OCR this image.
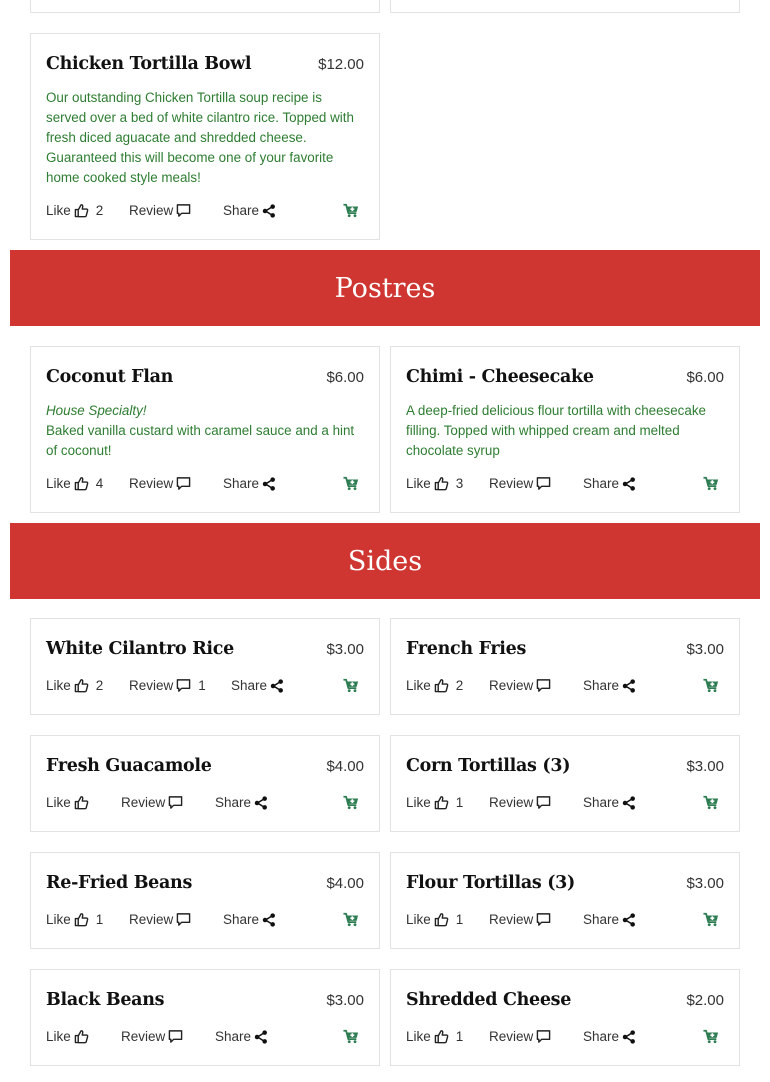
Chicken Tortilla Bowl	$12.00
Our outstanding Chicken Tortilla soup recipe is served over a bed of white cilantro rice. Topped with fresh diced aguacate and shredded cheese. Guaranteed this will become one of your favorite home cooked style meals!
Like 2 Review	Share
Postres
Coconut Flan	$6.00
House Specialty!
Baked vanilla custard with caramel sauce and a hint of coconut!
Like 4 Review	Share
Chimi - Cheesecake	$6.00
A deep-fried delicious flour tortilla with cheesecake filling. Topped with whipped cream and melted chocolate syrup
Like 3 Review	Share
Sides
White Cilantro Rice	$3.00
Like 2 Review 1 Share
French Fries	$3.00
Like 2 Review	Share
Fresh Guacamole	$4.00
Like	Review	Share
Corn Tortillas (3)	$3.00
Like 1 Review	Share
Re-Fried Beans	$4.00
Like 1 Review	Share
Flour Tortillas (3)	$3.00
Like 1 Review	Share
Black Beans	$3.00
Like	Review	Share
Shredded Cheese	$2.00
Like 1 Review	Share
